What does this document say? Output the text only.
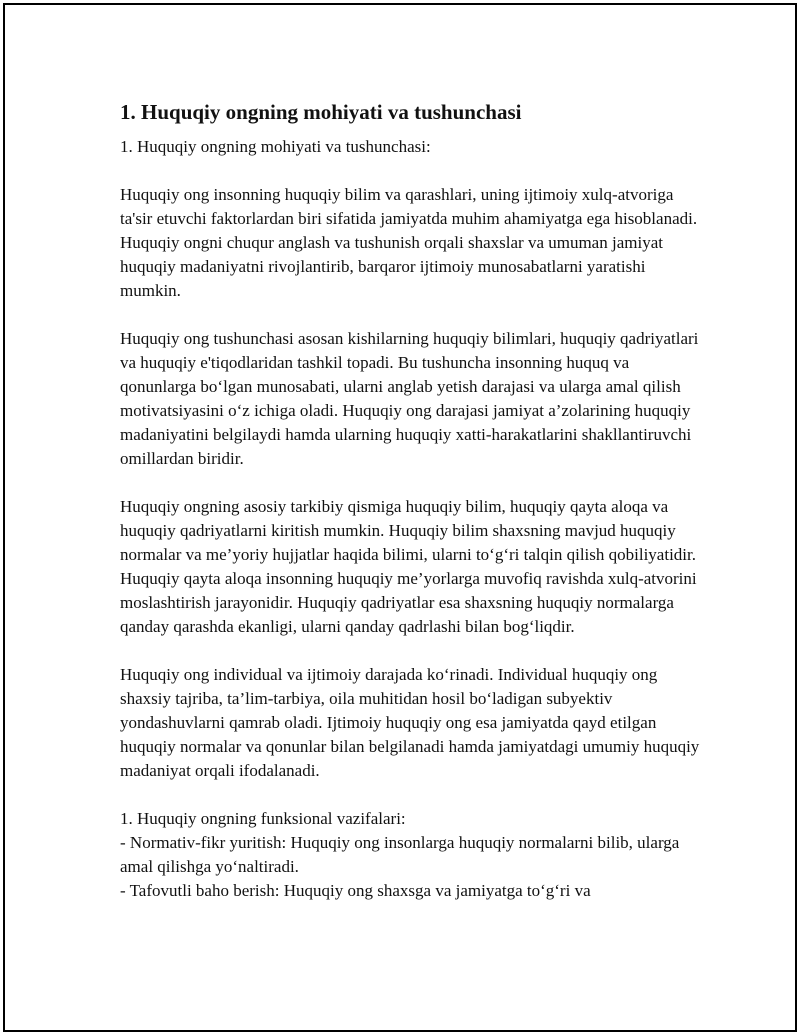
1. Huquqiy ongning mohiyati va tushunchasi

1. Huquqiy ongning mohiyati va tushunchasi:

Huquqiy ong insonning huquqiy bilim va qarashlari, uning ijtimoiy xulq-atvoriga ta'sir etuvchi faktorlardan biri sifatida jamiyatda muhim ahamiyatga ega hisoblanadi. Huquqiy ongni chuqur anglash va tushunish orqali shaxslar va umuman jamiyat huquqiy madaniyatni rivojlantirib, barqaror ijtimoiy munosabatlarni yaratishi mumkin.

Huquqiy ong tushunchasi asosan kishilarning huquqiy bilimlari, huquqiy qadriyatlari va huquqiy e'tiqodlaridan tashkil topadi. Bu tushuncha insonning huquq va qonunlarga bo‘lgan munosabati, ularni anglab yetish darajasi va ularga amal qilish motivatsiyasini o‘z ichiga oladi. Huquqiy ong darajasi jamiyat a’zolarining huquqiy madaniyatini belgilaydi hamda ularning huquqiy xatti-harakatlarini shakllantiruvchi omillardan biridir.

Huquqiy ongning asosiy tarkibiy qismiga huquqiy bilim, huquqiy qayta aloqa va huquqiy qadriyatlarni kiritish mumkin. Huquqiy bilim shaxsning mavjud huquqiy normalar va me’yoriy hujjatlar haqida bilimi, ularni to‘g‘ri talqin qilish qobiliyatidir. Huquqiy qayta aloqa insonning huquqiy me’yorlarga muvofiq ravishda xulq-atvorini moslashtirish jarayonidir. Huquqiy qadriyatlar esa shaxsning huquqiy normalarga qanday qarashda ekanligi, ularni qanday qadrlashi bilan bog‘liqdir.

Huquqiy ong individual va ijtimoiy darajada ko‘rinadi. Individual huquqiy ong shaxsiy tajriba, ta’lim-tarbiya, oila muhitidan hosil bo‘ladigan subyektiv yondashuvlarni qamrab oladi. Ijtimoiy huquqiy ong esa jamiyatda qayd etilgan huquqiy normalar va qonunlar bilan belgilanadi hamda jamiyatdagi umumiy huquqiy madaniyat orqali ifodalanadi.

1. Huquqiy ongning funksional vazifalari:

- Normativ-fikr yuritish: Huquqiy ong insonlarga huquqiy normalarni bilib, ularga amal qilishga yo‘naltiradi.

- Tafovutli baho berish: Huquqiy ong shaxsga va jamiyatga to‘g‘ri va
